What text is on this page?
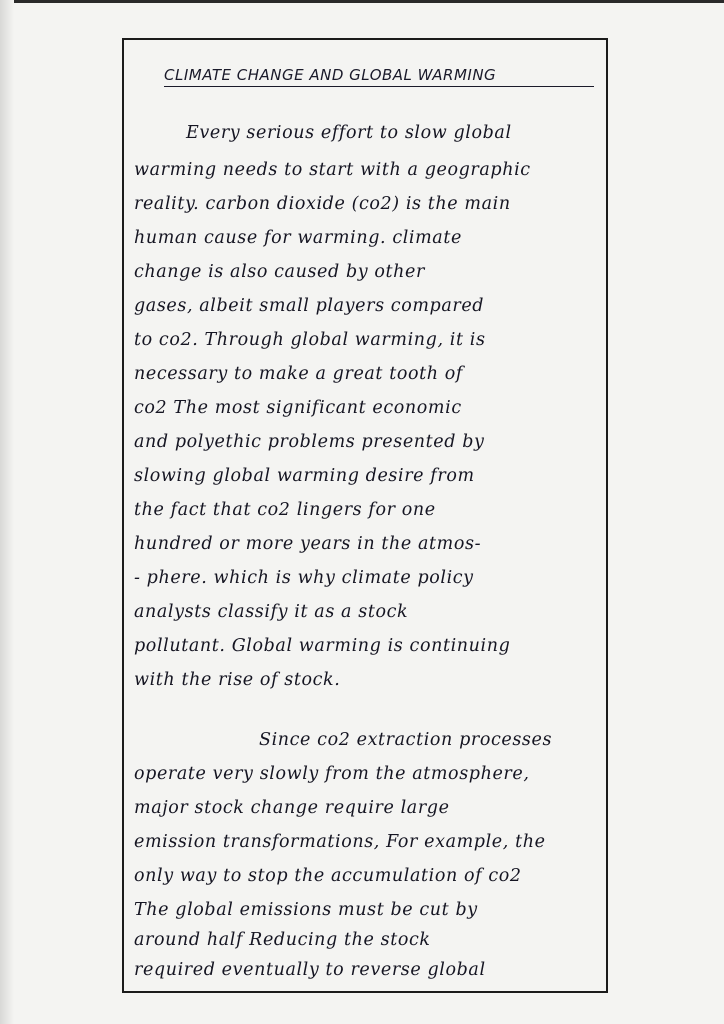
CLIMATE CHANGE AND GLOBAL WARMING
Every serious effort to slow global
warming needs to start with a geographic
reality. carbon dioxide (co2) is the main
human cause for warming. climate
change is also caused by other
gases, albeit small players compared
to co2. Through global warming, it is
necessary to make a great tooth of
co2 The most significant economic
and polyethic problems presented by
slowing global warming desire from
the fact that co2 lingers for one
hundred or more years in the atmos-
- phere. which is why climate policy
analysts classify it as a stock
pollutant. Global warming is continuing
with the rise of stock.
Since co2 extraction processes
operate very slowly from the atmosphere,
major stock change require large
emission transformations, For example, the
only way to stop the accumulation of co2
The global emissions must be cut by
around half Reducing the stock
required eventually to reverse global
